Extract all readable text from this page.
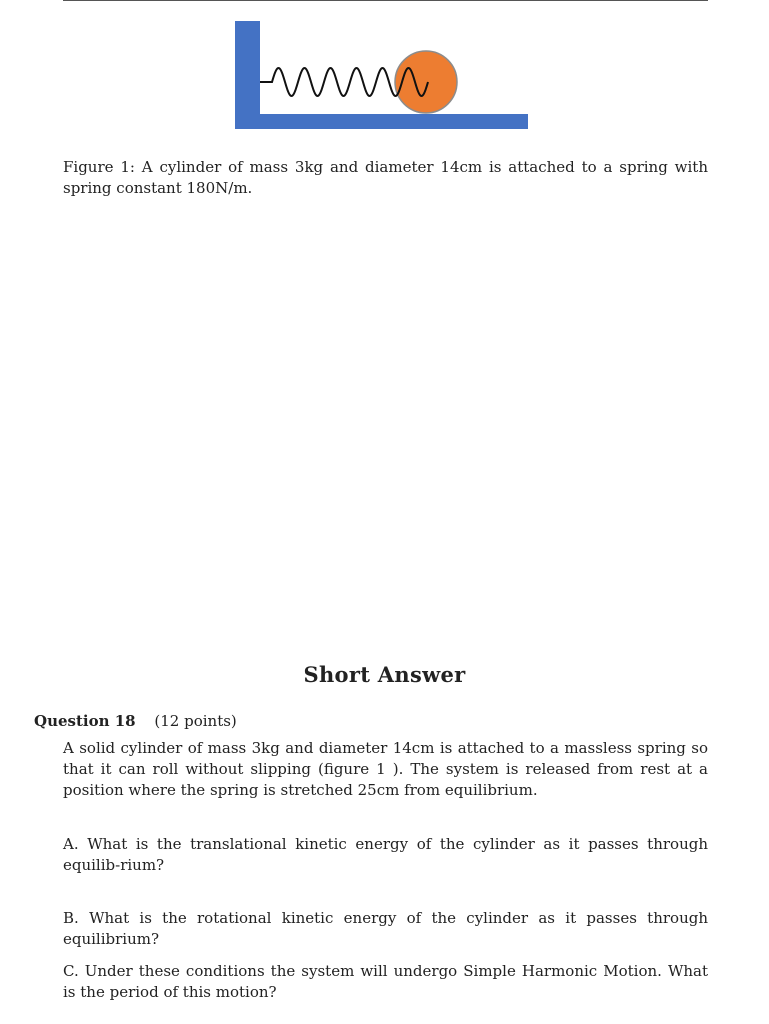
Figure 1: A cylinder of mass 3kg and diameter 14cm is attached to a spring with spring constant 180N/m.
Short Answer
Question 18 (12 points)

A solid cylinder of mass 3kg and diameter 14cm is attached to a massless spring so that it can roll without slipping (figure 1 ). The system is released from rest at a position where the spring is stretched 25cm from equilibrium.

A. What is the translational kinetic energy of the cylinder as it passes through equilib-rium?

B. What is the rotational kinetic energy of the cylinder as it passes through equilibrium?

C. Under these conditions the system will undergo Simple Harmonic Motion. What is the period of this motion?
